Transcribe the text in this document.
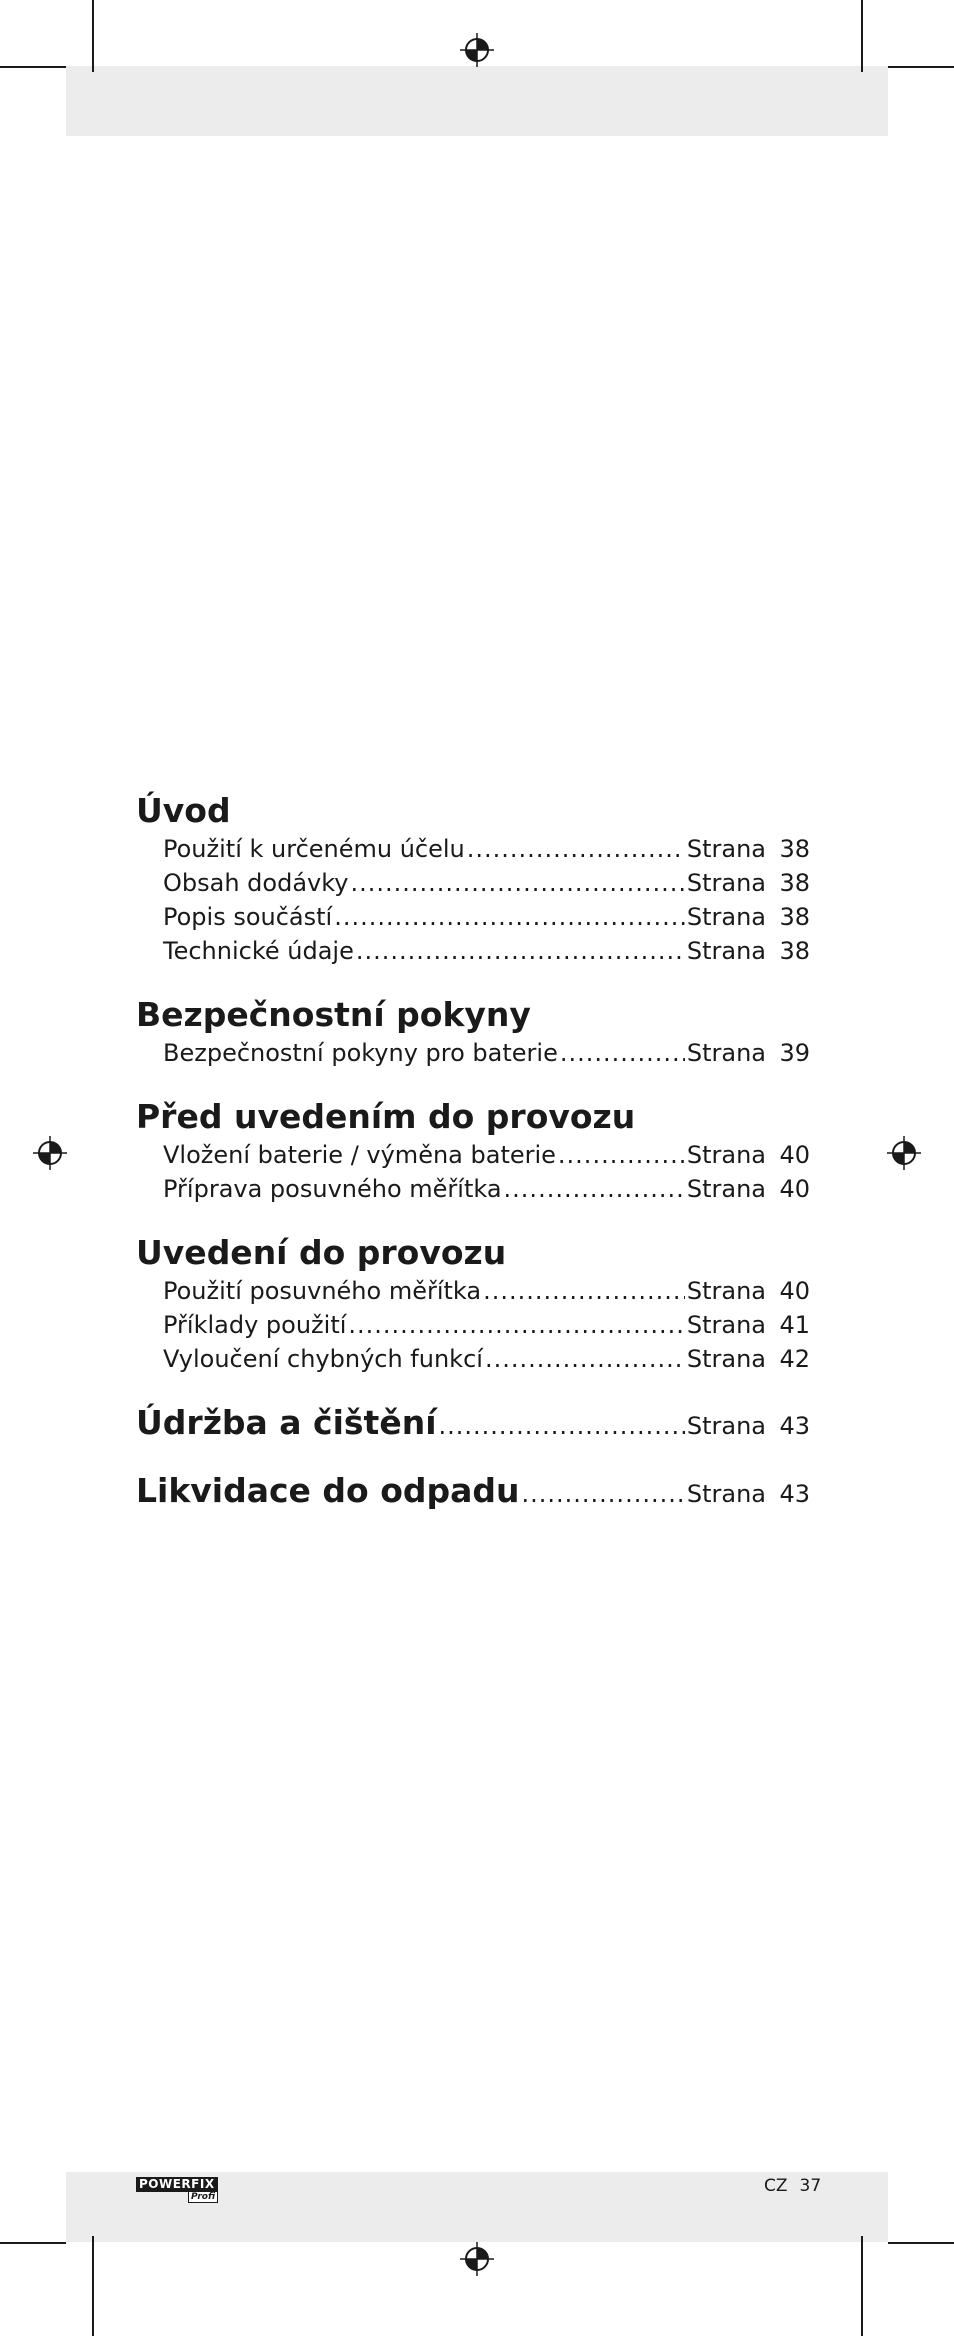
Úvod
Použití k určenému účelu .....	Strana 38
Obsah dodávky .....	Strana 38
Popis součástí .....	Strana 38
Technické údaje .....	Strana 38
Bezpečnostní pokyny
Bezpečnostní pokyny pro baterie .....	Strana 39
Před uvedením do provozu
Vložení baterie / výměna baterie .....	Strana 40
Příprava posuvného měřítka .....	Strana 40
Uvedení do provozu
Použití posuvného měřítka .....	Strana 40
Příklady použití .....	Strana 41
Vyloučení chybných funkcí .....	Strana 42
Údržba a čištění .....	Strana 43
Likvidace do odpadu .....	Strana 43
POWERFIX
Profi
CZ 37
